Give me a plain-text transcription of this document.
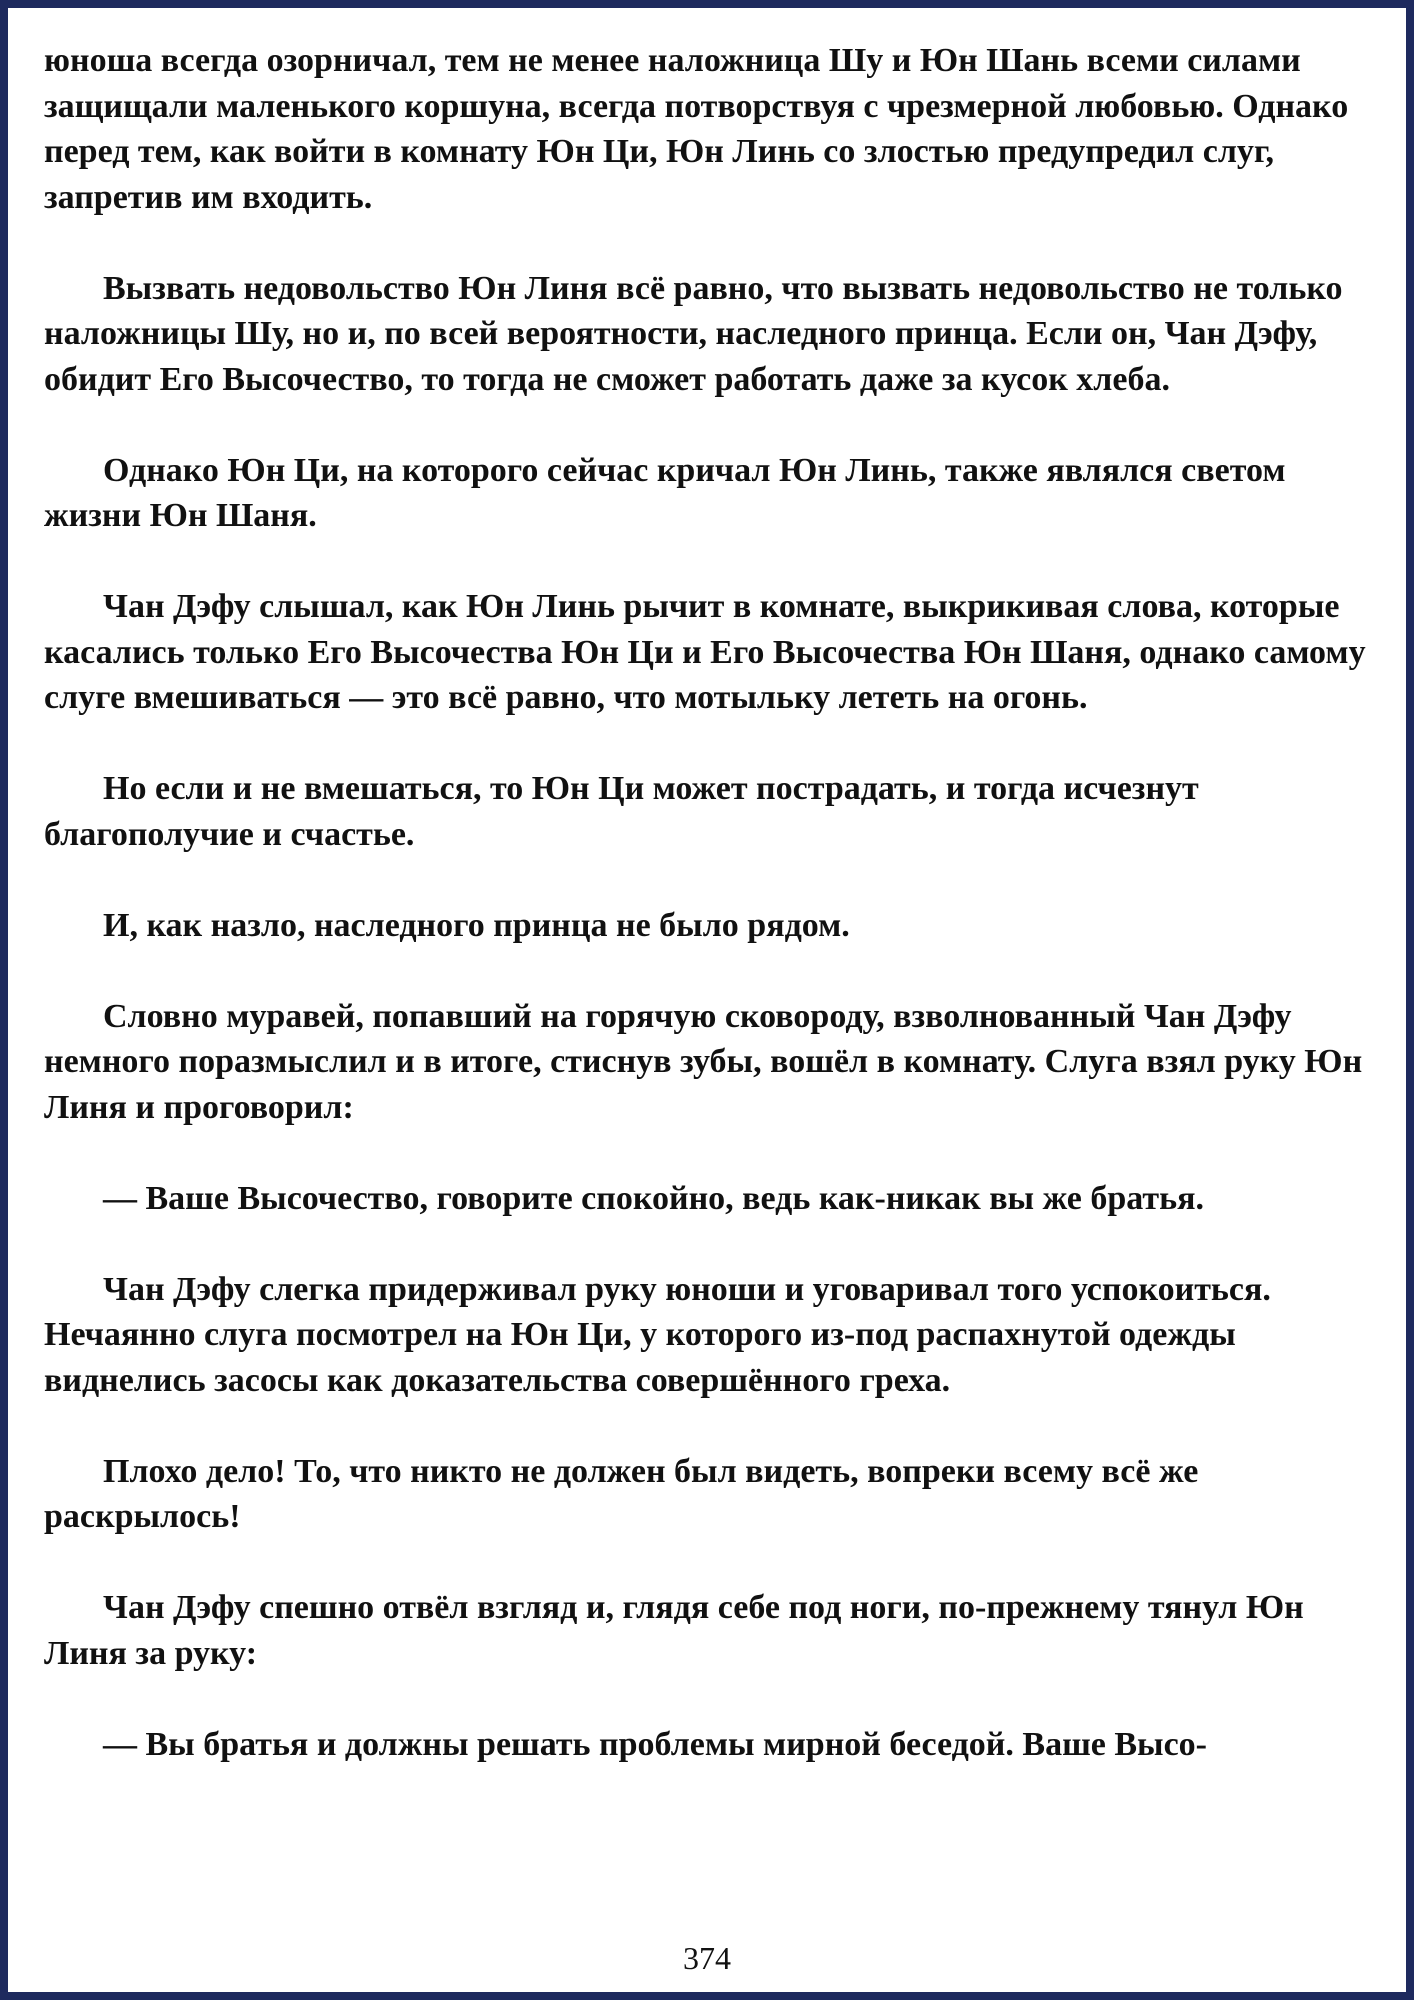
юноша всегда озорничал, тем не менее наложница Шу и Юн Шань всеми силами защищали маленького коршуна, всегда потворствуя с чрезмерной любовью. Однако перед тем, как войти в комнату Юн Ци, Юн Линь со злостью предупредил слуг, запретив им входить.

Вызвать недовольство Юн Линя всё равно, что вызвать недовольство не только наложницы Шу, но и, по всей вероятности, наследного принца. Если он, Чан Дэфу, обидит Его Высочество, то тогда не сможет работать даже за кусок хлеба.

Однако Юн Ци, на которого сейчас кричал Юн Линь, также являлся светом жизни Юн Шаня.

Чан Дэфу слышал, как Юн Линь рычит в комнате, выкрикивая слова, которые касались только Его Высочества Юн Ци и Его Высочества Юн Шаня, однако самому слуге вмешиваться — это всё равно, что мотыльку лететь на огонь.

Но если и не вмешаться, то Юн Ци может пострадать, и тогда исчезнут благополучие и счастье.

И, как назло, наследного принца не было рядом.

Словно муравей, попавший на горячую сковороду, взволнованный Чан Дэфу немного поразмыслил и в итоге, стиснув зубы, вошёл в комнату. Слуга взял руку Юн Линя и проговорил:

— Ваше Высочество, говорите спокойно, ведь как-никак вы же братья.

Чан Дэфу слегка придерживал руку юноши и уговаривал того успокоиться. Нечаянно слуга посмотрел на Юн Ци, у которого из-под распахнутой одежды виднелись засосы как доказательства совершённого греха.

Плохо дело! То, что никто не должен был видеть, вопреки всему всё же раскрылось!

Чан Дэфу спешно отвёл взгляд и, глядя себе под ноги, по-прежнему тянул Юн Линя за руку:

— Вы братья и должны решать проблемы мирной беседой. Ваше Высо-

374
